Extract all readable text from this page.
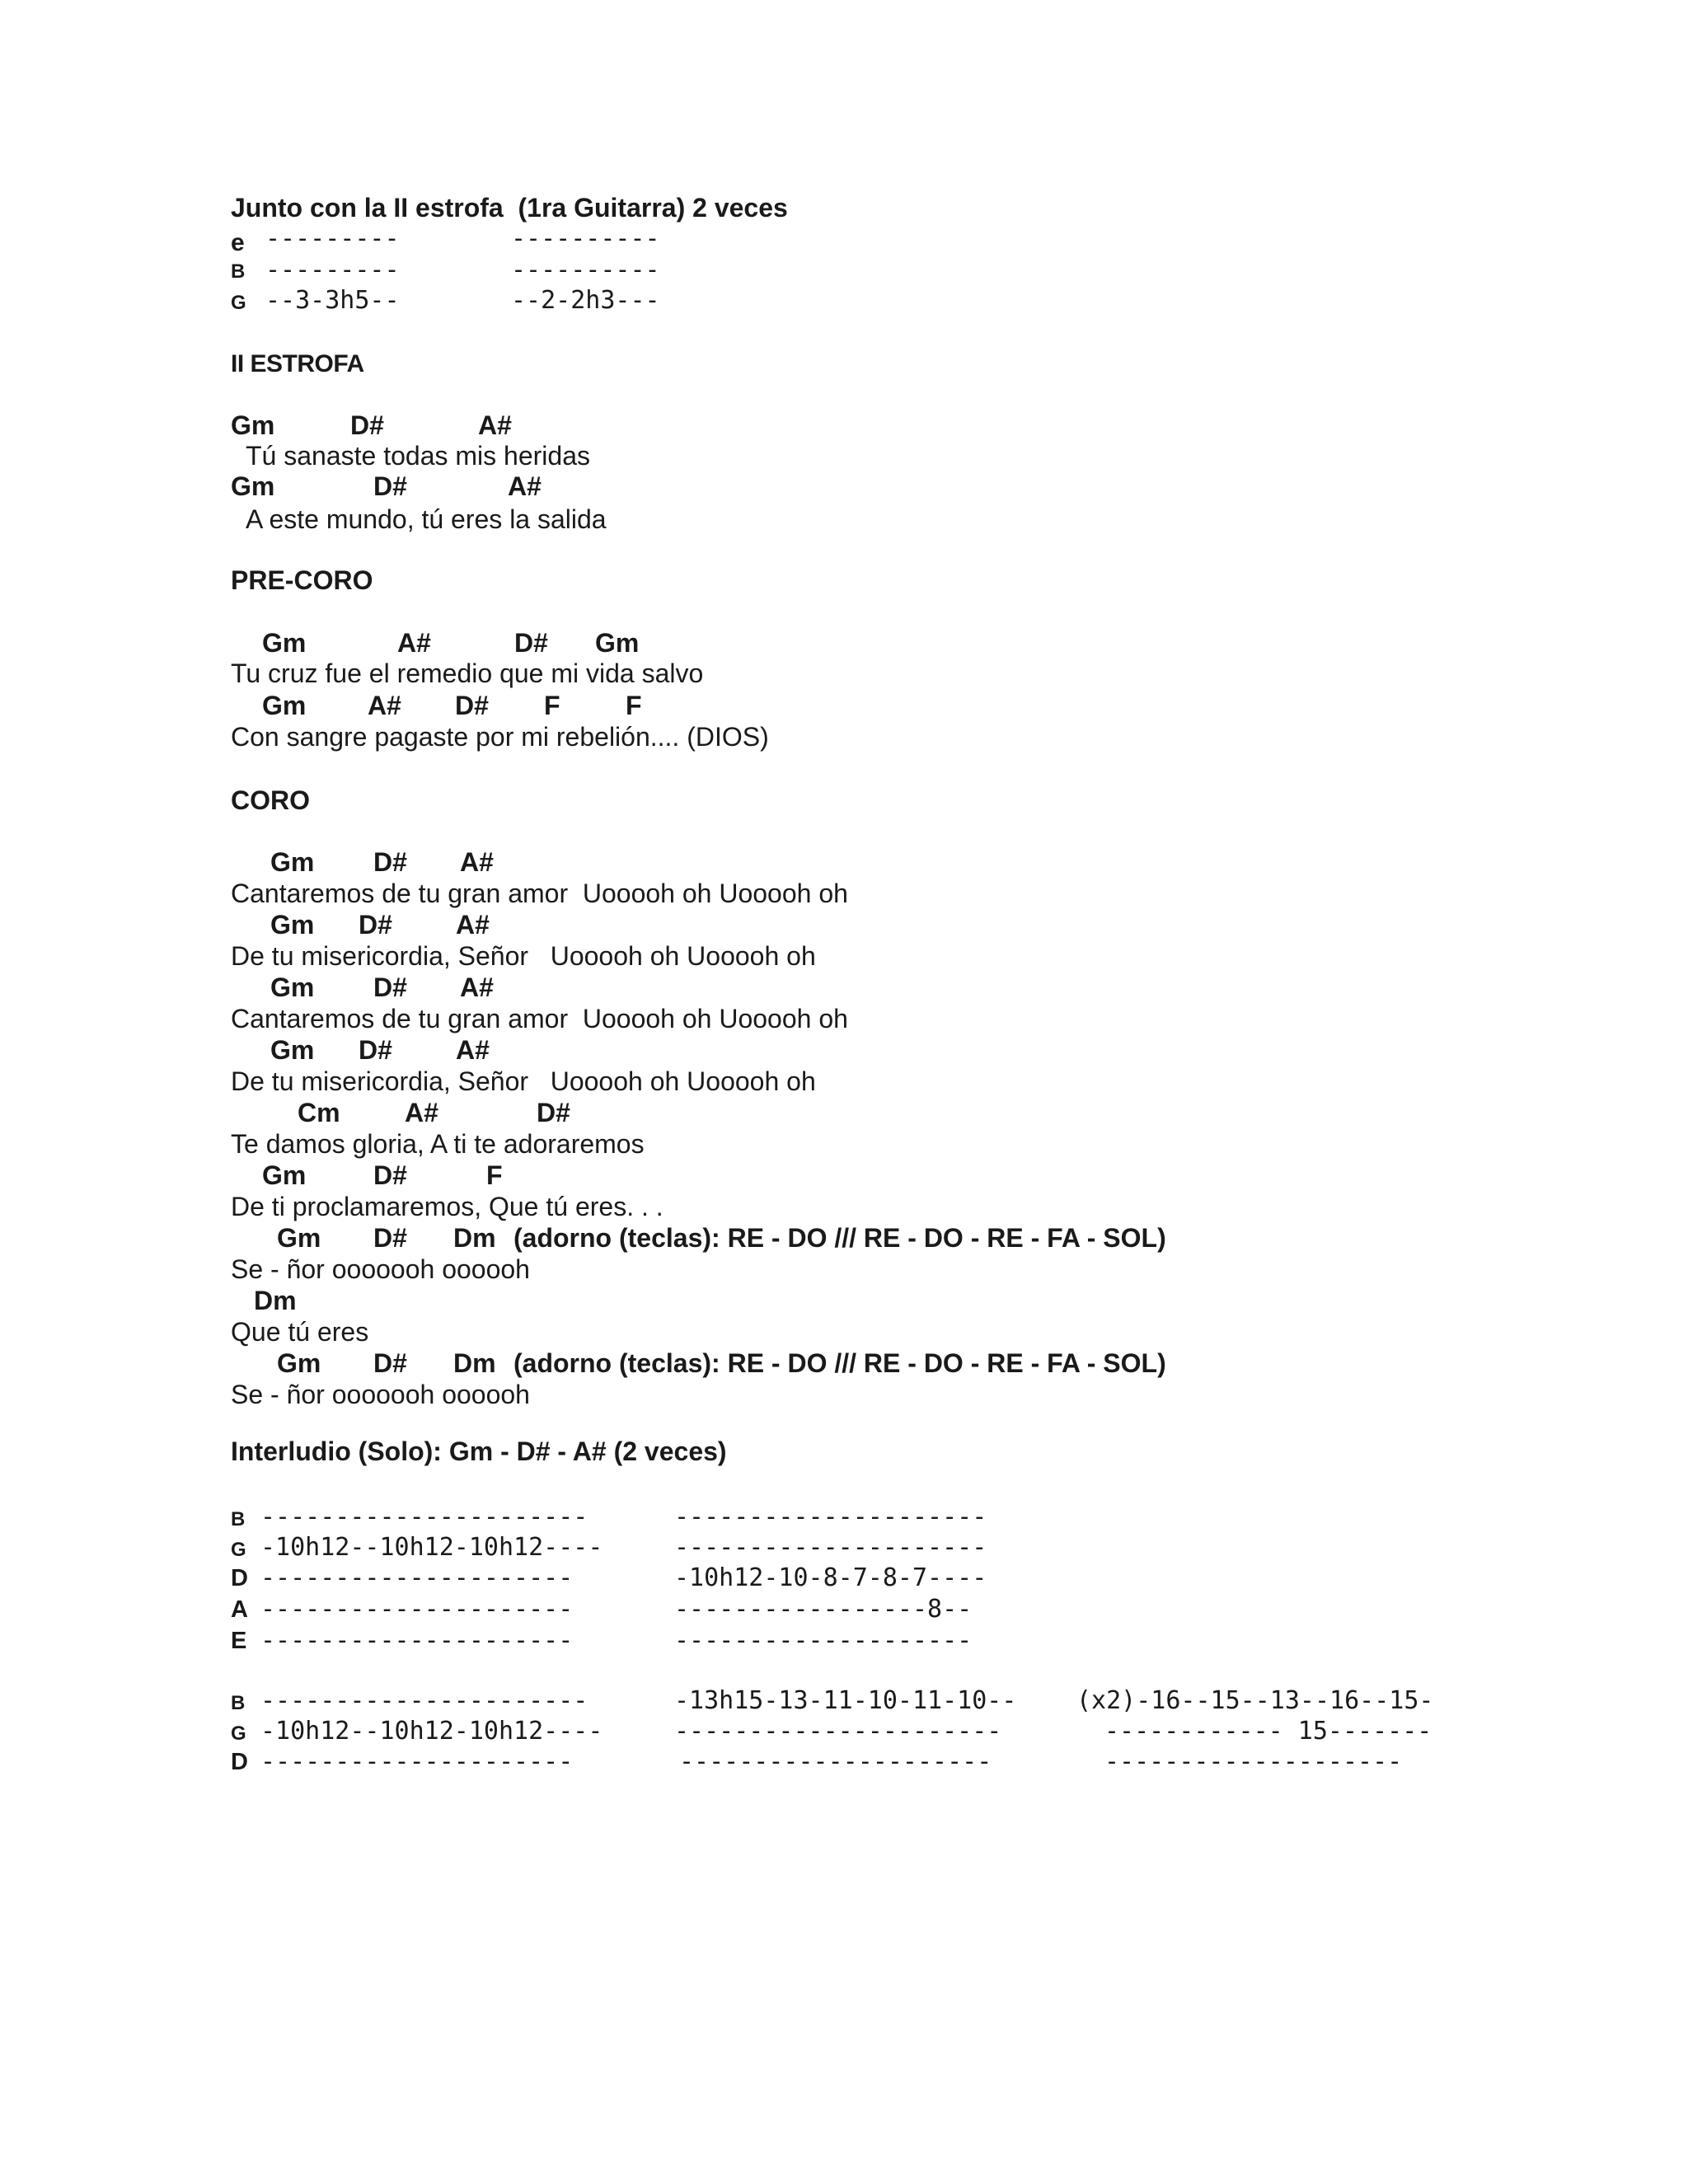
Junto con la II estrofa  (1ra Guitarra) 2 veces
e ---------	----------
B ---------	----------
G --3-3h5--	--2-2h3---
II ESTROFA
Gm	D#	A#
Tú sanaste todas mis heridas
Gm	D#	A#
A este mundo, tú eres la salida
PRE-CORO
Gm	A#	D# Gm
Tu cruz fue el remedio que mi vida salvo
Gm A# D# F F
Con sangre pagaste por mi rebelión.... (DIOS)
CORO
Gm D# A#
Cantaremos de tu gran amor  Uooooh oh Uooooh oh
Gm D# A#
De tu misericordia, Señor   Uooooh oh Uooooh oh
Gm D# A#
Cantaremos de tu gran amor  Uooooh oh Uooooh oh
Gm D# A#
De tu misericordia, Señor   Uooooh oh Uooooh oh
Cm A#	D#
Te damos gloria, A ti te adoraremos
Gm	D#	F
De ti proclamaremos, Que tú eres. . .
Gm D# Dm (adorno (teclas): RE - DO /// RE - DO - RE - FA - SOL)
Se - ñor ooooooh oooooh
Dm
Que tú eres
Gm D# Dm (adorno (teclas): RE - DO /// RE - DO - RE - FA - SOL)
Se - ñor ooooooh oooooh
Interludio (Solo): Gm - D# - A# (2 veces)
B ----------------------	---------------------
G -10h12--10h12-10h12----	---------------------
D ---------------------	-10h12-10-8-7-8-7----
A ---------------------	-----------------8--
E ---------------------	--------------------
B ----------------------	-13h15-13-11-10-11-10-- (x2)-16--15--13--16--15-
G -10h12--10h12-10h12----	----------------------	------------ 15-------
D ---------------------	---------------------	--------------------
